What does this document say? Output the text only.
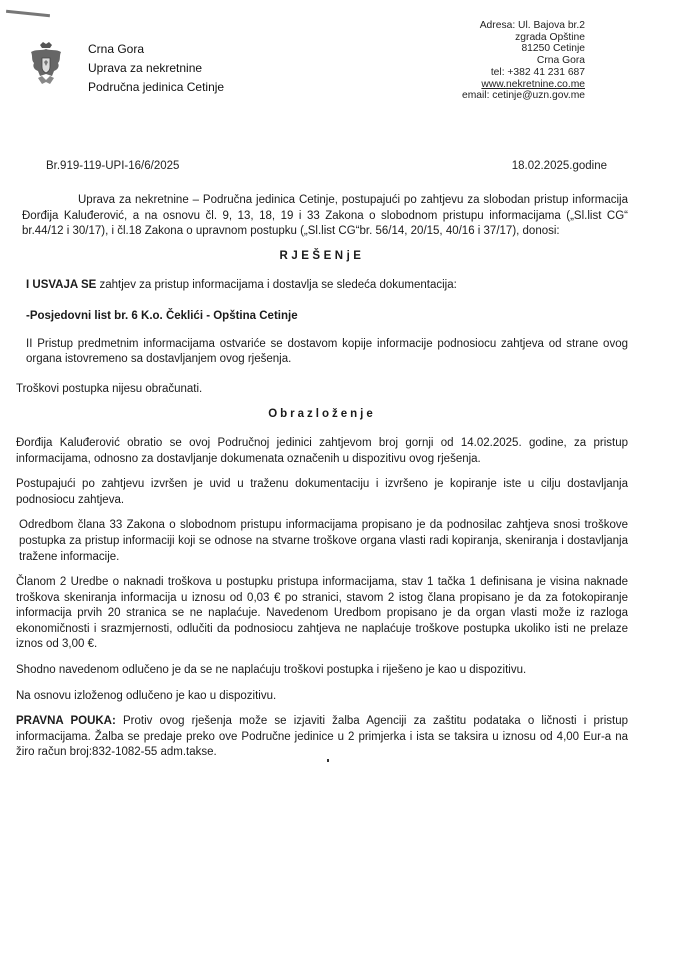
Crna Gora
Uprava za nekretnine
Područna jedinica Cetinje
Adresa: Ul. Bajova br.2
zgrada Opštine
81250 Cetinje
Crna Gora
tel: +382 41 231 687
www.nekretnine.co.me
email: cetinje@uzn.gov.me
Br.919-119-UPI-16/6/2025	18.02.2025.godine

Uprava za nekretnine – Područna jedinica Cetinje, postupajući po zahtjevu za slobodan pristup informacija Đorđija Kaluđerović, a na osnovu čl. 9, 13, 18, 19 i 33 Zakona o slobodnom pristupu informacijama („Sl.list CG“ br.44/12 i 30/17), i čl.18 Zakona o upravnom postupku („Sl.list CG“br. 56/14, 20/15, 40/16 i 37/17), donosi:

RJEŠENjE

I USVAJA SE zahtjev za pristup informacijama i dostavlja se sledeća dokumentacija:

-Posjedovni list br. 6 K.o. Čeklići - Opština Cetinje

II Pristup predmetnim informacijama ostvariće se dostavom kopije informacije podnosiocu zahtjeva od strane ovog organa istovremeno sa dostavljanjem ovog rješenja.

Troškovi postupka nijesu obračunati.

Obrazloženje

Đorđija Kaluđerović obratio se ovoj Područnoj jedinici zahtjevom broj gornji od 14.02.2025. godine, za pristup informacijama, odnosno za dostavljanje dokumenata označenih u dispozitivu ovog rješenja.

Postupajući po zahtjevu izvršen je uvid u traženu dokumentaciju i izvršeno je kopiranje iste u cilju dostavljanja podnosiocu zahtjeva.

Odredbom člana 33 Zakona o slobodnom pristupu informacijama propisano je da podnosilac zahtjeva snosi troškove postupka za pristup informaciji koji se odnose na stvarne troškove organa vlasti radi kopiranja, skeniranja i dostavljanja tražene informacije.

Članom 2 Uredbe o naknadi troškova u postupku pristupa informacijama, stav 1 tačka 1 definisana je visina naknade troškova skeniranja informacija u iznosu od 0,03 € po stranici, stavom 2 istog člana propisano je da za fotokopiranje informacija prvih 20 stranica se ne naplaćuje. Navedenom Uredbom propisano je da organ vlasti može iz razloga ekonomičnosti i srazmjernosti, odlučiti da podnosiocu zahtjeva ne naplaćuje troškove postupka ukoliko isti ne prelaze iznos od 3,00 €.

Shodno navedenom odlučeno je da se ne naplaćuju troškovi postupka i riješeno je kao u dispozitivu.

Na osnovu izloženog odlučeno je kao u dispozitivu.

PRAVNA POUKA: Protiv ovog rješenja može se izjaviti žalba Agenciji za zaštitu podataka o ličnosti i pristup informacijama. Žalba se predaje preko ove Područne jedinice u 2 primjerka i ista se taksira u iznosu od 4,00 Eur-a na žiro račun broj:832-1082-55 adm.takse.
